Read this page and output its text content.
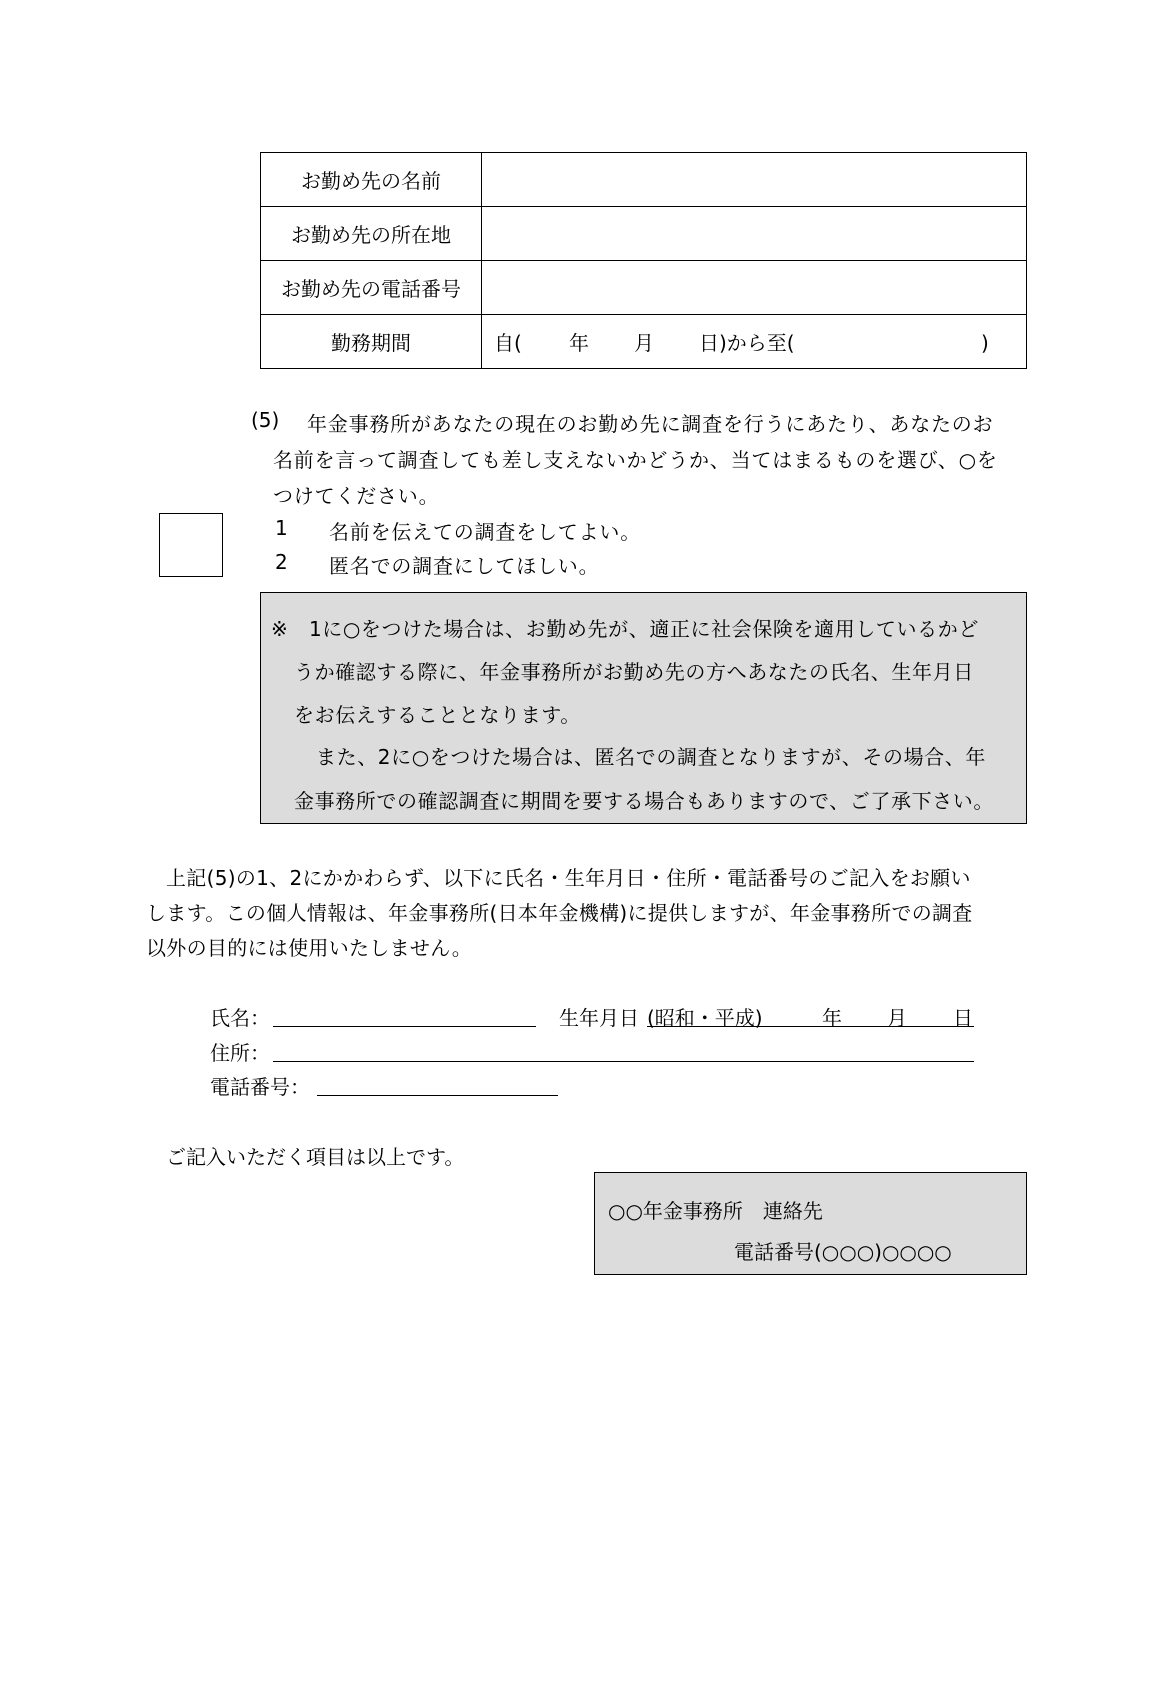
お勤め先の名前	
お勤め先の所在地	
お勤め先の電話番号	
勤務期間	自( 年 月 日)から至( )
(5) 年金事務所があなたの現在のお勤め先に調査を行うにあたり、あなたのお
名前を言って調査しても差し支えないかどうか、当てはまるものを選び、○を
つけてください。
1 名前を伝えての調査をしてよい。
2 匿名での調査にしてほしい。
※　1に○をつけた場合は、お勤め先が、適正に社会保険を適用しているかど
うか確認する際に、年金事務所がお勤め先の方へあなたの氏名、生年月日
をお伝えすることとなります。
また、2に○をつけた場合は、匿名での調査となりますが、その場合、年
金事務所での確認調査に期間を要する場合もありますので、ご了承下さい。
上記(5)の1、2にかかわらず、以下に氏名・生年月日・住所・電話番号のご記入をお願い
します。この個人情報は、年金事務所(日本年金機構)に提供しますが、年金事務所での調査
以外の目的には使用いたしません。
氏名：	生年月日 (昭和・平成)	年 月 日
住所：
電話番号：
ご記入いただく項目は以上です。
○○年金事務所　連絡先
電話番号(○○○)○○○○
